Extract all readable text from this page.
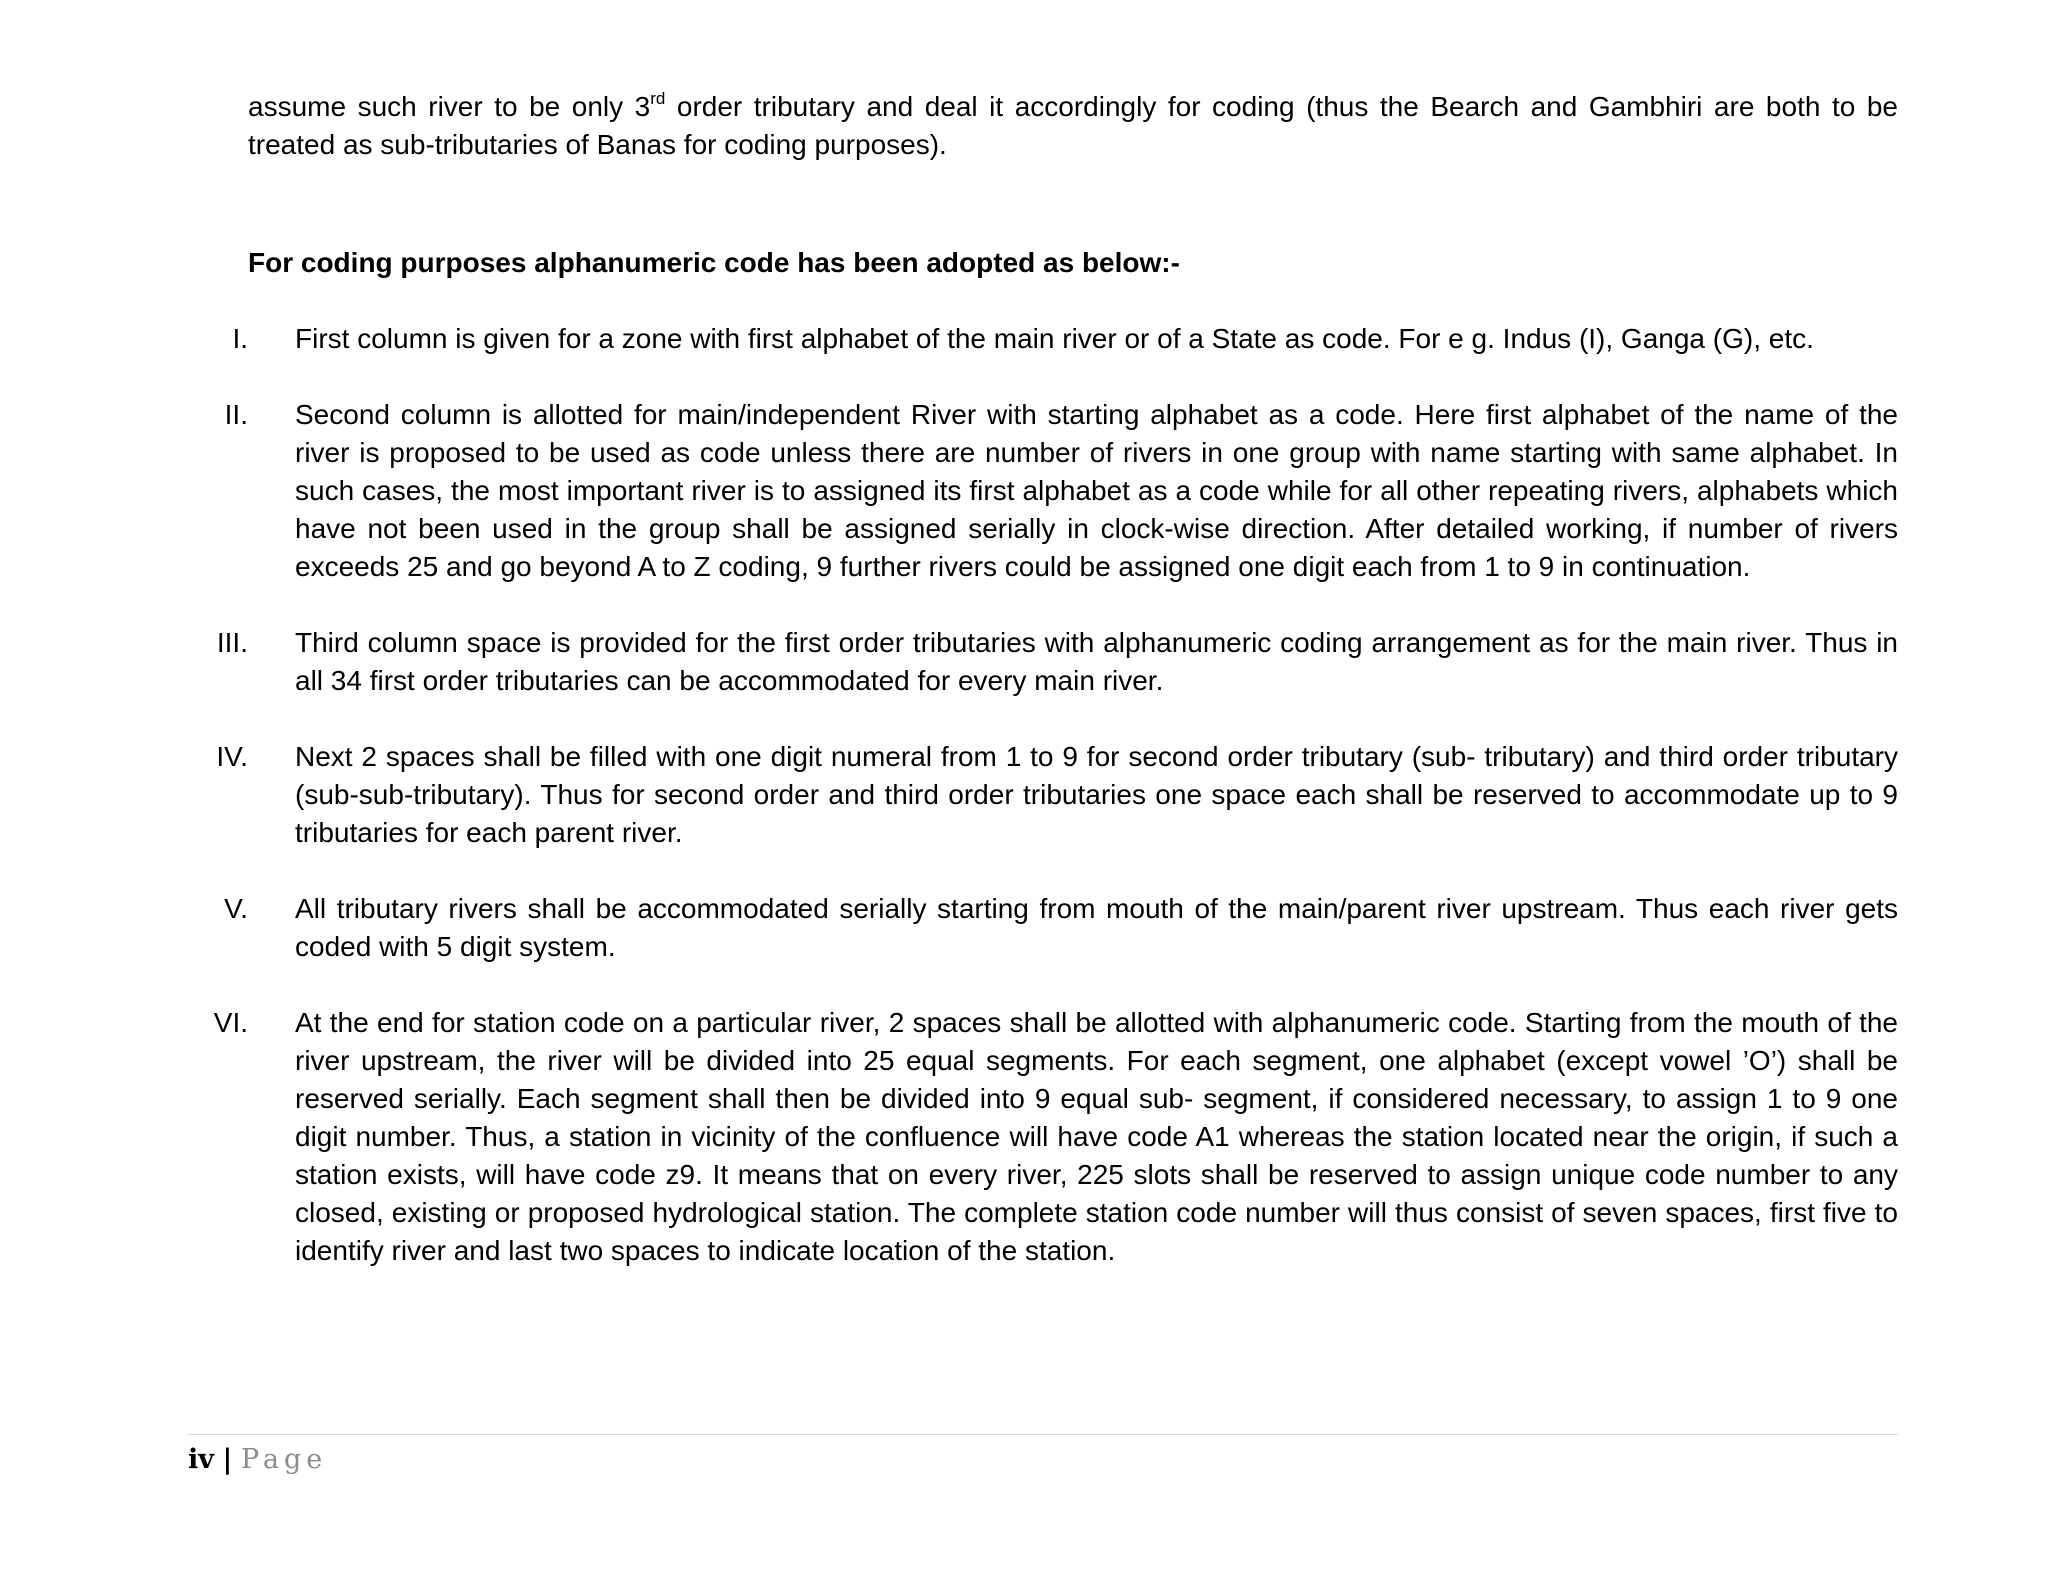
assume such river to be only 3rd order tributary and deal it accordingly for coding (thus the Bearch and Gambhiri are both to be treated as sub-tributaries of Banas for coding purposes).

For coding purposes alphanumeric code has been adopted as below:-
I. First column is given for a zone with first alphabet of the main river or of a State as code. For e g. Indus (I), Ganga (G), etc.
II. Second column is allotted for main/independent River with starting alphabet as a code. Here first alphabet of the name of the river is proposed to be used as code unless there are number of rivers in one group with name starting with same alphabet. In such cases, the most important river is to assigned its first alphabet as a code while for all other repeating rivers, alphabets which have not been used in the group shall be assigned serially in clock-wise direction. After detailed working, if number of rivers exceeds 25 and go beyond A to Z coding, 9 further rivers could be assigned one digit each from 1 to 9 in continuation.
III. Third column space is provided for the first order tributaries with alphanumeric coding arrangement as for the main river. Thus in all 34 first order tributaries can be accommodated for every main river.
IV. Next 2 spaces shall be filled with one digit numeral from 1 to 9 for second order tributary (sub- tributary) and third order tributary (sub-sub-tributary). Thus for second order and third order tributaries one space each shall be reserved to accommodate up to 9 tributaries for each parent river.
V. All tributary rivers shall be accommodated serially starting from mouth of the main/parent river upstream. Thus each river gets coded with 5 digit system.
VI. At the end for station code on a particular river, 2 spaces shall be allotted with alphanumeric code. Starting from the mouth of the river upstream, the river will be divided into 25 equal segments. For each segment, one alphabet (except vowel ’O’) shall be reserved serially. Each segment shall then be divided into 9 equal sub- segment, if considered necessary, to assign 1 to 9 one digit number. Thus, a station in vicinity of the confluence will have code A1 whereas the station located near the origin, if such a station exists, will have code z9. It means that on every river, 225 slots shall be reserved to assign unique code number to any closed, existing or proposed hydrological station. The complete station code number will thus consist of seven spaces, first five to identify river and last two spaces to indicate location of the station.
iv | Page
